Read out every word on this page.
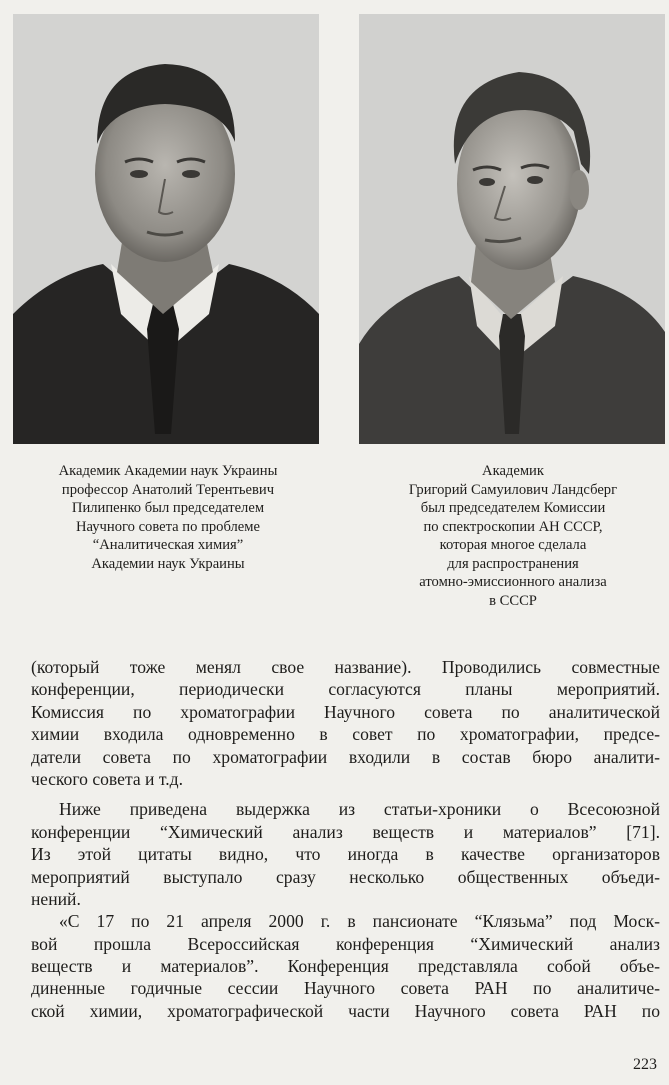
Академик Академии наук Украины
профессор Анатолий Терентьевич
Пилипенко был председателем
Научного совета по проблеме
“Аналитическая химия”
Академии наук Украины
Академик
Григорий Самуилович Ландсберг
был председателем Комиссии
по спектроскопии АН СССР,
которая многое сделала
для распространения
атомно-эмиссионного анализа
в СССР
(который тоже менял свое название). Проводились совместные
конференции, периодически согласуются планы мероприятий.
Комиссия по хроматографии Научного совета по аналитической
химии входила одновременно в совет по хроматографии, предсе-
датели совета по хроматографии входили в состав бюро аналити-
ческого совета и т.д.
Ниже приведена выдержка из статьи-хроники о Всесоюзной
конференции “Химический анализ веществ и материалов” [71].
Из этой цитаты видно, что иногда в качестве организаторов
мероприятий выступало сразу несколько общественных объеди-
нений.
«С 17 по 21 апреля 2000 г. в пансионате “Клязьма” под Моск-
вой прошла Всероссийская конференция “Химический анализ
веществ и материалов”. Конференция представляла собой объе-
диненные годичные сессии Научного совета РАН по аналитиче-
ской химии, хроматографической части Научного совета РАН по
223
